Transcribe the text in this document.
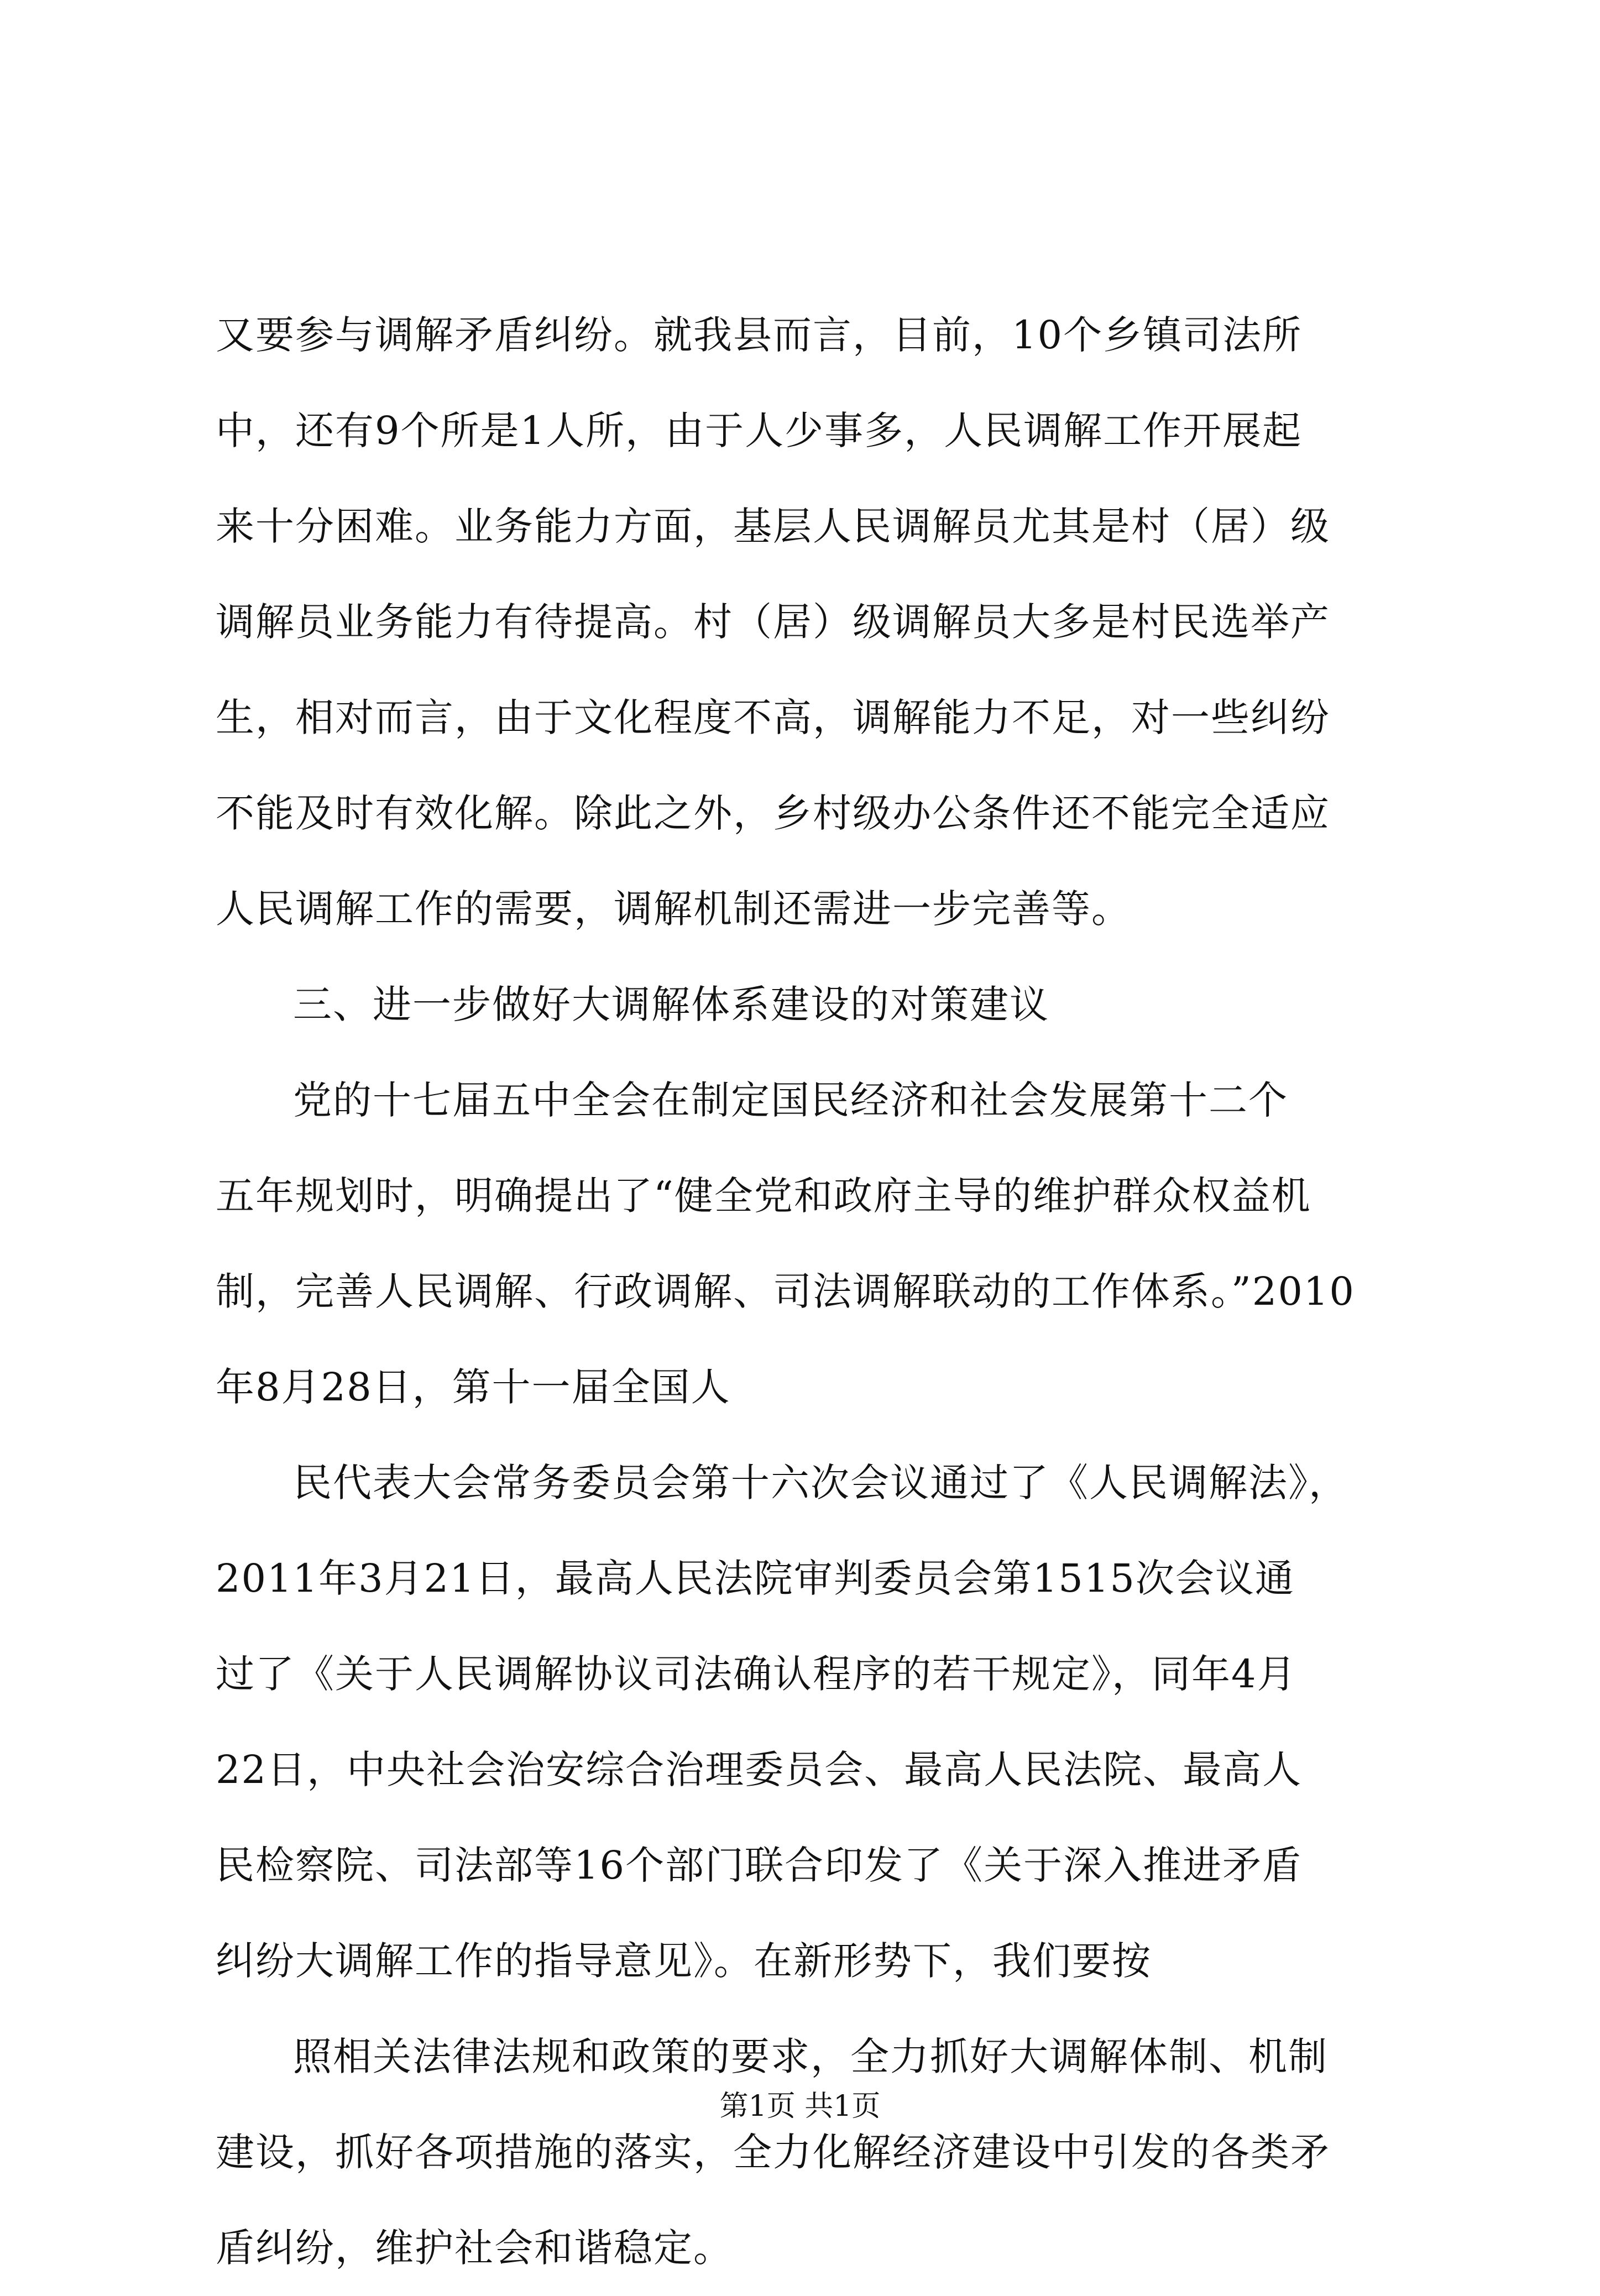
又要参与调解矛盾纠纷。就我县而言，目前，10个乡镇司法所
中，还有9个所是1人所，由于人少事多，人民调解工作开展起
来十分困难。业务能力方面，基层人民调解员尤其是村（居）级
调解员业务能力有待提高。村（居）级调解员大多是村民选举产
生，相对而言，由于文化程度不高，调解能力不足，对一些纠纷
不能及时有效化解。除此之外，乡村级办公条件还不能完全适应
人民调解工作的需要，调解机制还需进一步完善等。
三、进一步做好大调解体系建设的对策建议
党的十七届五中全会在制定国民经济和社会发展第十二个
五年规划时，明确提出了“健全党和政府主导的维护群众权益机
制，完善人民调解、行政调解、司法调解联动的工作体系。”2010
年8月28日，第十一届全国人
民代表大会常务委员会第十六次会议通过了《人民调解法》，
2011年3月21日，最高人民法院审判委员会第1515次会议通
过了《关于人民调解协议司法确认程序的若干规定》，同年4月
22日，中央社会治安综合治理委员会、最高人民法院、最高人
民检察院、司法部等16个部门联合印发了《关于深入推进矛盾
纠纷大调解工作的指导意见》。在新形势下，我们要按
照相关法律法规和政策的要求，全力抓好大调解体制、机制
建设，抓好各项措施的落实，全力化解经济建设中引发的各类矛
盾纠纷，维护社会和谐稳定。
第1页 共1页
